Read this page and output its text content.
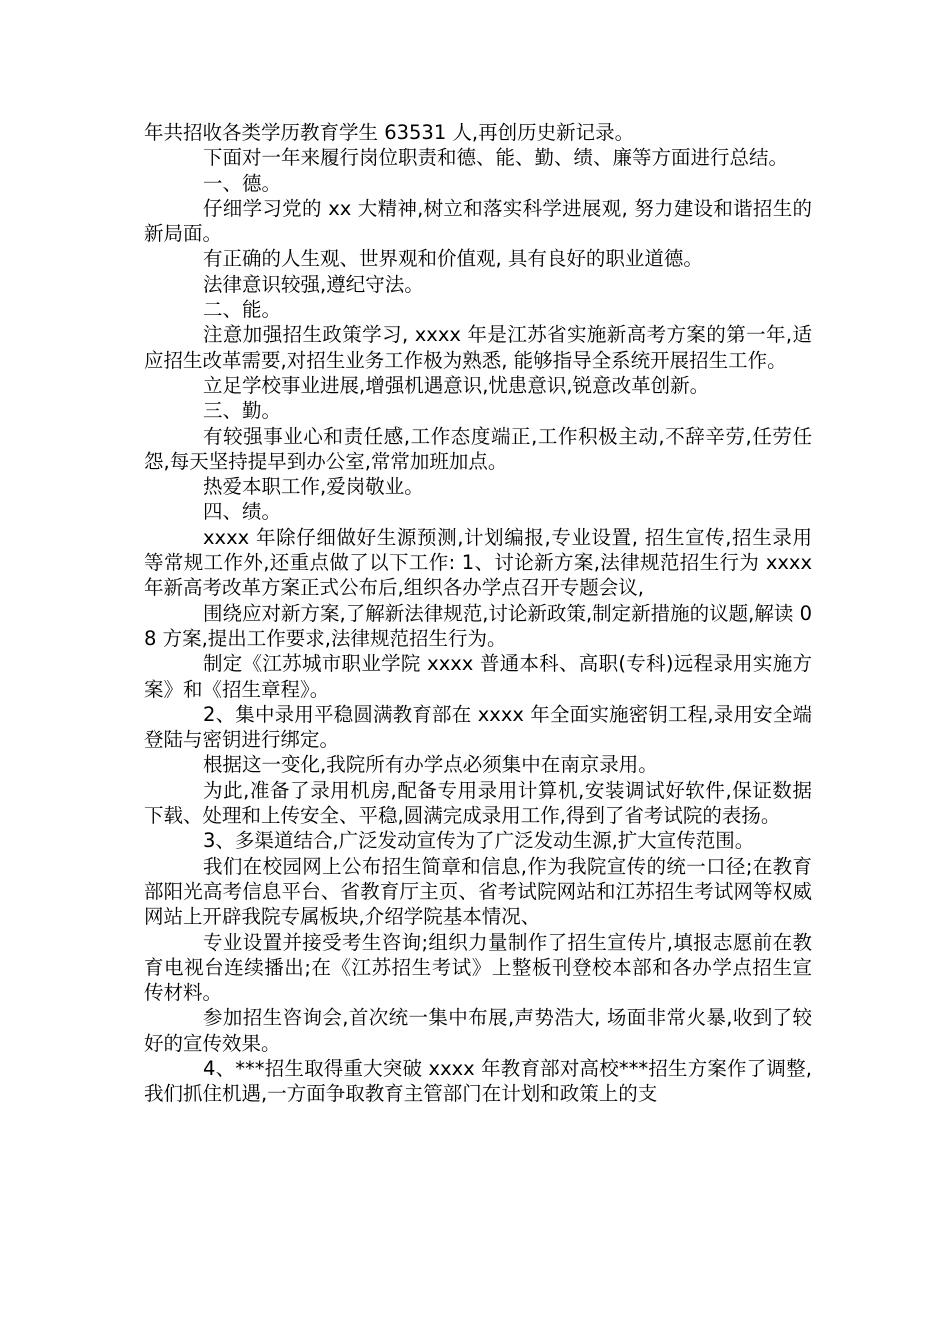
年共招收各类学历教育学生 63531 人,再创历史新记录。

下面对一年来履行岗位职责和德、能、勤、绩、廉等方面进行总结。

一、德。

仔细学习党的 xx 大精神,树立和落实科学进展观, 努力建设和谐招生的新局面。

有正确的人生观、世界观和价值观, 具有良好的职业道德。

法律意识较强,遵纪守法。

二、能。

注意加强招生政策学习, xxxx 年是江苏省实施新高考方案的第一年,适应招生改革需要,对招生业务工作极为熟悉, 能够指导全系统开展招生工作。

立足学校事业进展,增强机遇意识,忧患意识,锐意改革创新。

三、勤。

有较强事业心和责任感,工作态度端正,工作积极主动,不辞辛劳,任劳任怨,每天坚持提早到办公室,常常加班加点。

热爱本职工作,爱岗敬业。

四、绩。

xxxx 年除仔细做好生源预测,计划编报,专业设置, 招生宣传,招生录用等常规工作外,还重点做了以下工作: 1、讨论新方案,法律规范招生行为 xxxx 年新高考改革方案正式公布后,组织各办学点召开专题会议,

围绕应对新方案,了解新法律规范,讨论新政策,制定新措施的议题,解读 08 方案,提出工作要求,法律规范招生行为。

制定《江苏城市职业学院 xxxx 普通本科、高职(专科)远程录用实施方案》和《招生章程》。

2、集中录用平稳圆满教育部在 xxxx 年全面实施密钥工程,录用安全端登陆与密钥进行绑定。

根据这一变化,我院所有办学点必须集中在南京录用。

为此,准备了录用机房,配备专用录用计算机,安装调试好软件,保证数据下载、处理和上传安全、平稳,圆满完成录用工作,得到了省考试院的表扬。

3、多渠道结合,广泛发动宣传为了广泛发动生源,扩大宣传范围。

我们在校园网上公布招生简章和信息,作为我院宣传的统一口径;在教育部阳光高考信息平台、省教育厅主页、省考试院网站和江苏招生考试网等权威网站上开辟我院专属板块,介绍学院基本情况、

专业设置并接受考生咨询;组织力量制作了招生宣传片,填报志愿前在教育电视台连续播出;在《江苏招生考试》上整板刊登校本部和各办学点招生宣传材料。

参加招生咨询会,首次统一集中布展,声势浩大, 场面非常火暴,收到了较好的宣传效果。

4、***招生取得重大突破 xxxx 年教育部对高校***招生方案作了调整,我们抓住机遇,一方面争取教育主管部门在计划和政策上的支
